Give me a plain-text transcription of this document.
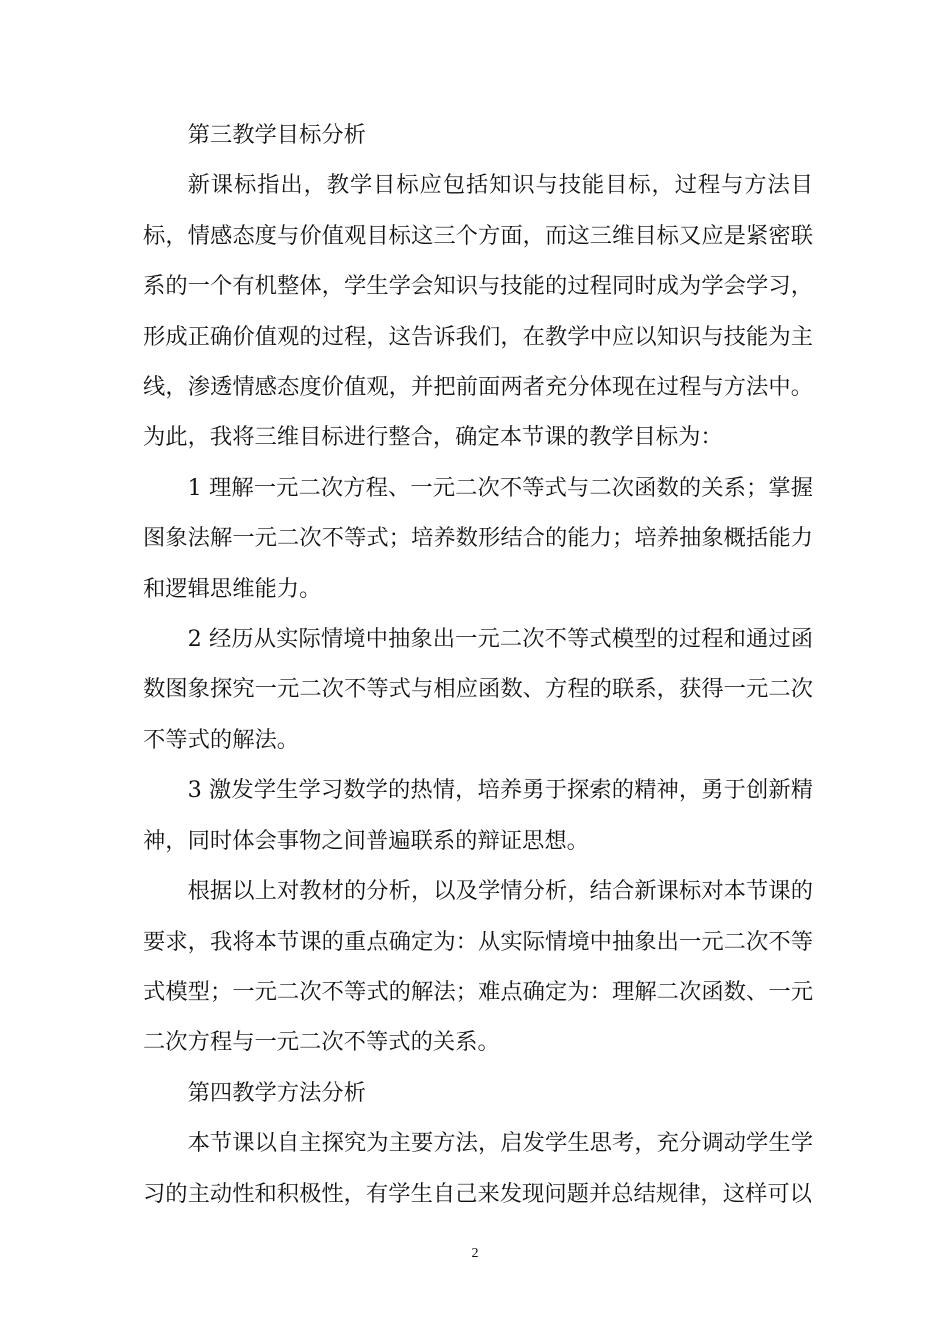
第三教学目标分析

新课标指出，教学目标应包括知识与技能目标，过程与方法目标，情感态度与价值观目标这三个方面，而这三维目标又应是紧密联系的一个有机整体，学生学会知识与技能的过程同时成为学会学习，形成正确价值观的过程，这告诉我们，在教学中应以知识与技能为主线，渗透情感态度价值观，并把前面两者充分体现在过程与方法中。为此，我将三维目标进行整合，确定本节课的教学目标为：

1 理解一元二次方程、一元二次不等式与二次函数的关系；掌握图象法解一元二次不等式；培养数形结合的能力；培养抽象概括能力和逻辑思维能力。

2 经历从实际情境中抽象出一元二次不等式模型的过程和通过函数图象探究一元二次不等式与相应函数、方程的联系，获得一元二次不等式的解法。

3 激发学生学习数学的热情，培养勇于探索的精神，勇于创新精神，同时体会事物之间普遍联系的辩证思想。

根据以上对教材的分析，以及学情分析，结合新课标对本节课的要求，我将本节课的重点确定为：从实际情境中抽象出一元二次不等式模型；一元二次不等式的解法；难点确定为：理解二次函数、一元二次方程与一元二次不等式的关系。

第四教学方法分析

本节课以自主探究为主要方法，启发学生思考，充分调动学生学习的主动性和积极性，有学生自己来发现问题并总结规律，这样可以

2
